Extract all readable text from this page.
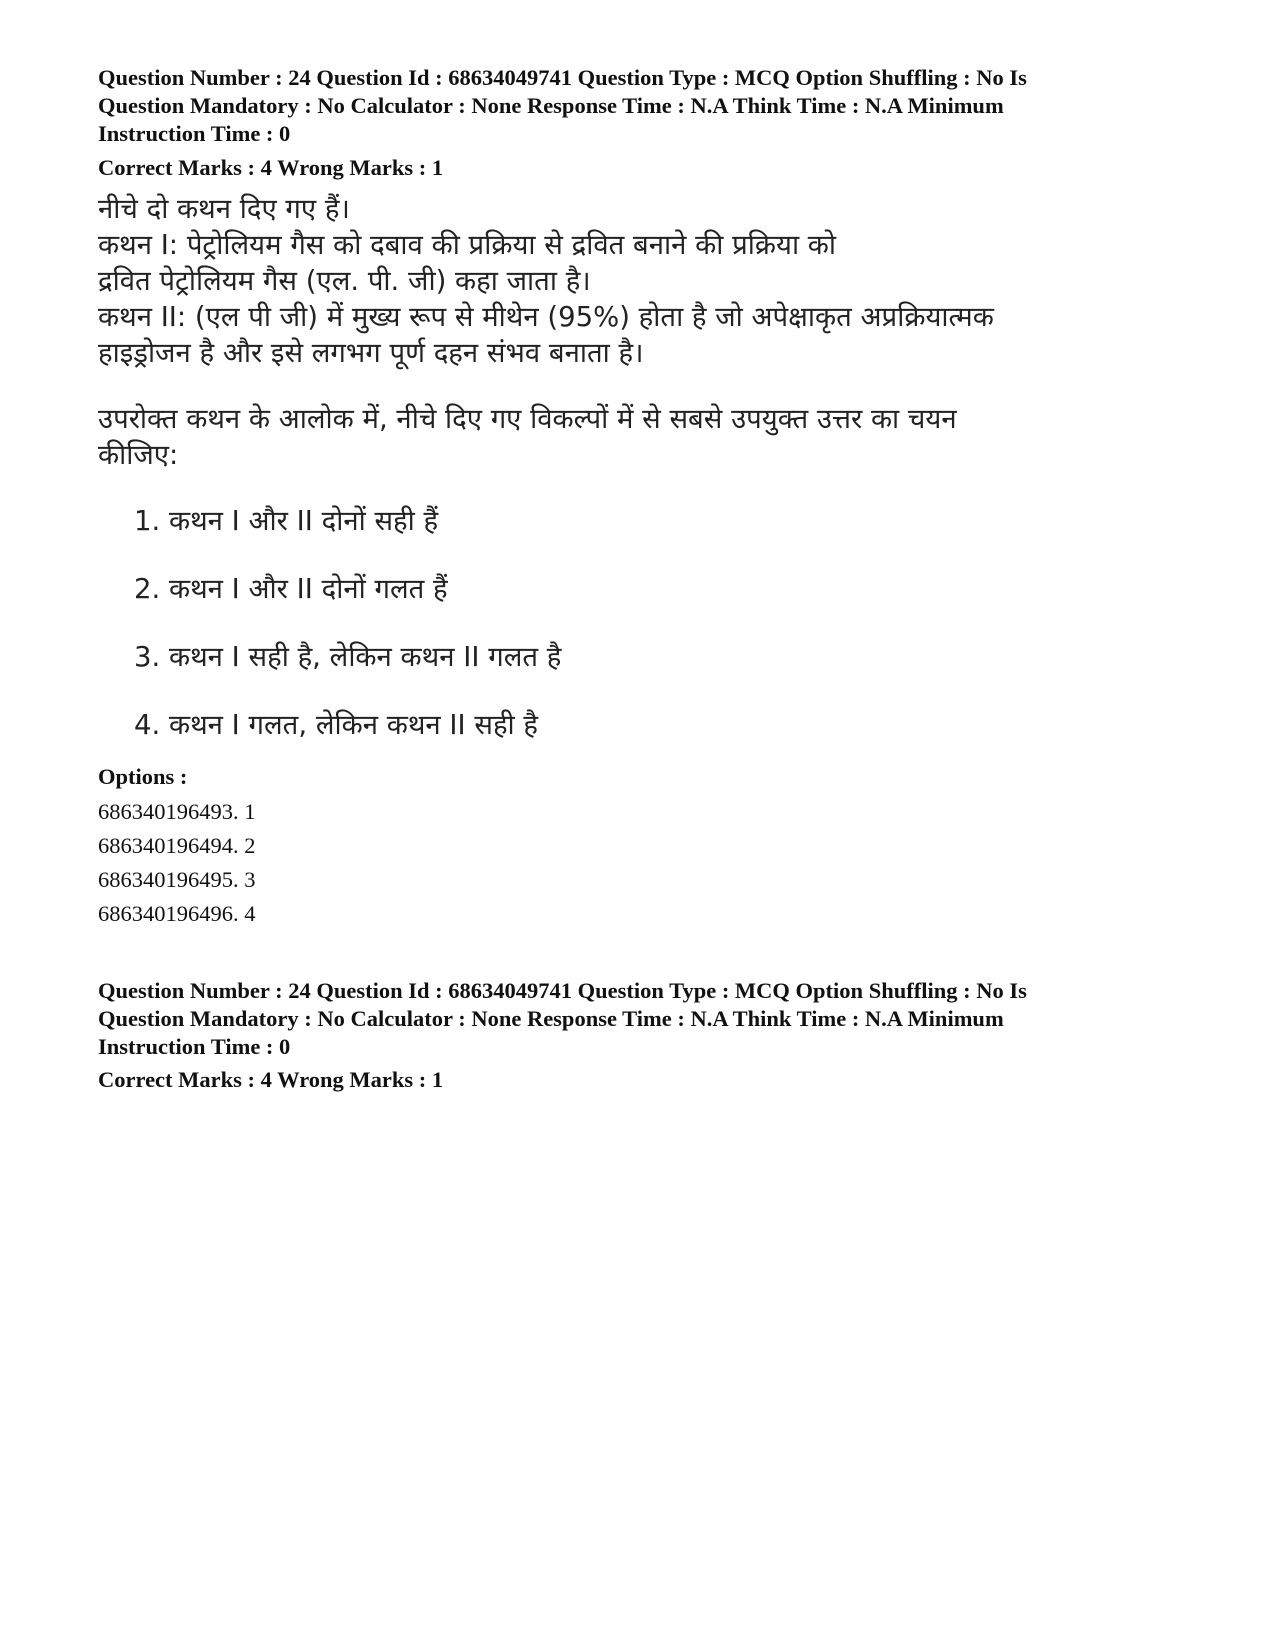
Question Number : 24 Question Id : 68634049741 Question Type : MCQ Option Shuffling : No Is

Question Mandatory : No Calculator : None Response Time : N.A Think Time : N.A Minimum

Instruction Time : 0

Correct Marks : 4 Wrong Marks : 1

नीचे दो कथन दिए गए हैं।

कथन I: पेट्रोलियम गैस को दबाव की प्रक्रिया से द्रवित बनाने की प्रक्रिया को

द्रवित पेट्रोलियम गैस (एल. पी. जी) कहा जाता है।

कथन II: (एल पी जी) में मुख्य रूप से मीथेन (95%) होता है जो अपेक्षाकृत अप्रक्रियात्मक

हाइड्रोजन है और इसे लगभग पूर्ण दहन संभव बनाता है।

उपरोक्त कथन के आलोक में, नीचे दिए गए विकल्पों में से सबसे उपयुक्त उत्तर का चयन

कीजिए:

1. कथन I और II दोनों सही हैं

2. कथन I और II दोनों गलत हैं

3. कथन I सही है, लेकिन कथन II गलत है

4. कथन I गलत, लेकिन कथन II सही है

Options :

686340196493. 1
686340196494. 2
686340196495. 3
686340196496. 4

Question Number : 24 Question Id : 68634049741 Question Type : MCQ Option Shuffling : No Is

Question Mandatory : No Calculator : None Response Time : N.A Think Time : N.A Minimum

Instruction Time : 0

Correct Marks : 4 Wrong Marks : 1
